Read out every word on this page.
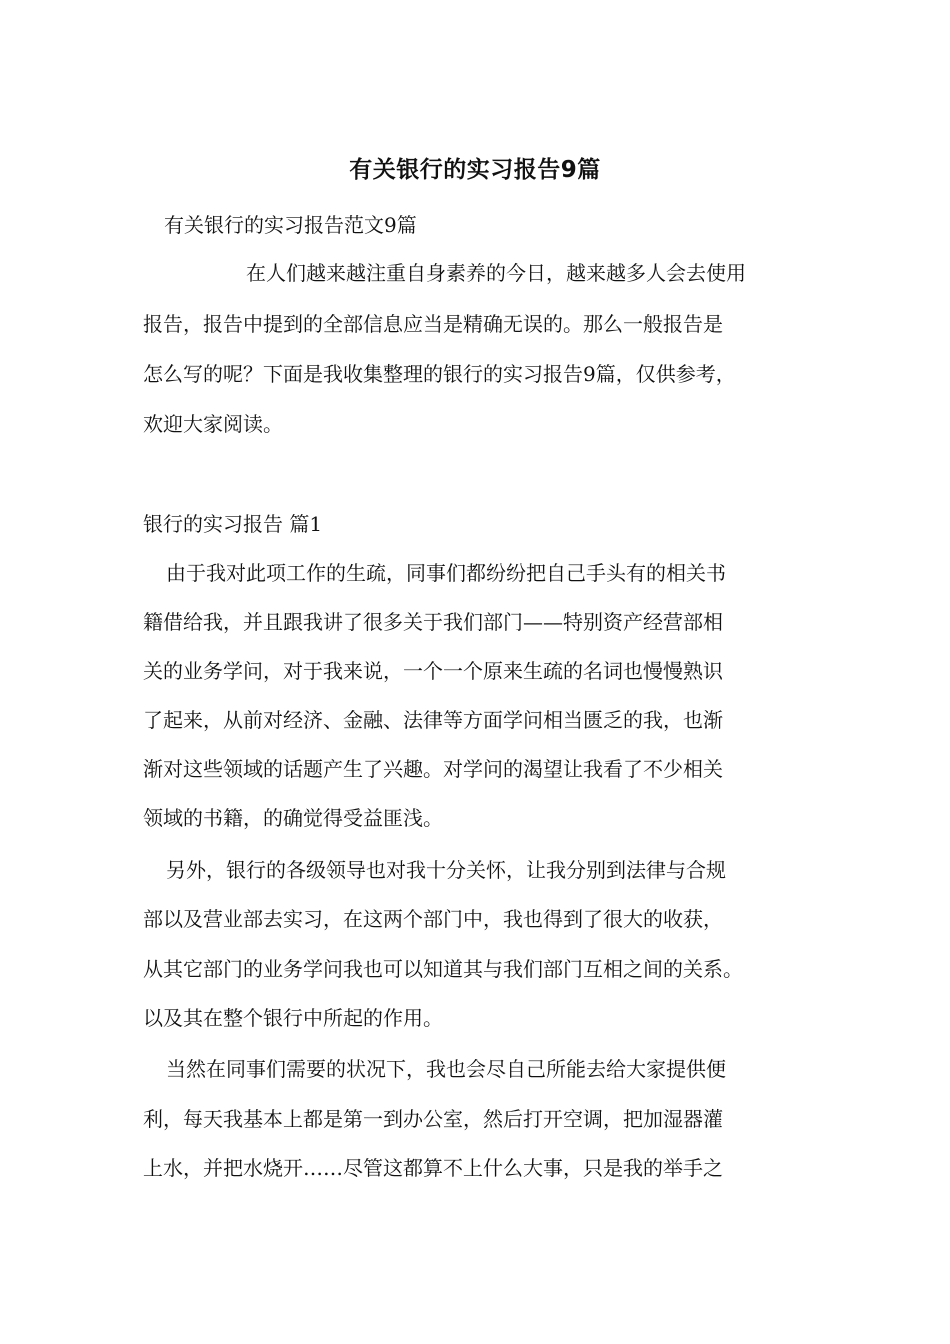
有关银行的实习报告9篇
有关银行的实习报告范文9篇
在人们越来越注重自身素养的今日，越来越多人会去使用
报告，报告中提到的全部信息应当是精确无误的。那么一般报告是
怎么写的呢？下面是我收集整理的银行的实习报告9篇，仅供参考，
欢迎大家阅读。
银行的实习报告 篇1
由于我对此项工作的生疏，同事们都纷纷把自己手头有的相关书
籍借给我，并且跟我讲了很多关于我们部门——特别资产经营部相
关的业务学问，对于我来说，一个一个原来生疏的名词也慢慢熟识
了起来，从前对经济、金融、法律等方面学问相当匮乏的我，也渐
渐对这些领域的话题产生了兴趣。对学问的渴望让我看了不少相关
领域的书籍，的确觉得受益匪浅。
另外，银行的各级领导也对我十分关怀，让我分别到法律与合规
部以及营业部去实习，在这两个部门中，我也得到了很大的收获，
从其它部门的业务学问我也可以知道其与我们部门互相之间的关系。
以及其在整个银行中所起的作用。
当然在同事们需要的状况下，我也会尽自己所能去给大家提供便
利，每天我基本上都是第一到办公室，然后打开空调，把加湿器灌
上水，并把水烧开……尽管这都算不上什么大事，只是我的举手之
